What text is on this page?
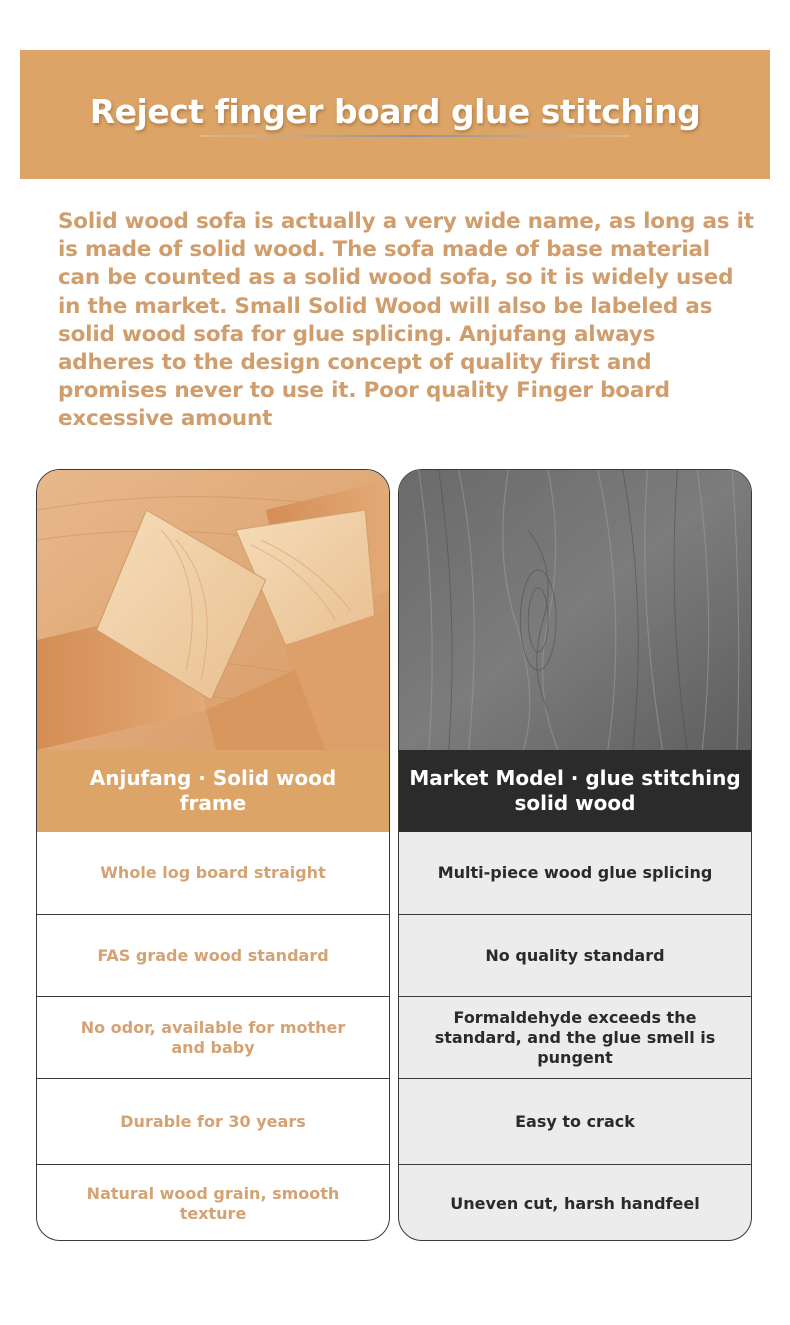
Reject finger board glue stitching

Solid wood sofa is actually a very wide name, as long as it is made of solid wood. The sofa made of base material can be counted as a solid wood sofa, so it is widely used in the market. Small Solid Wood will also be labeled as solid wood sofa for glue splicing. Anjufang always adheres to the design concept of quality first and promises never to use it. Poor quality Finger board excessive amount

Anjufang · Solid wood
frame
Whole log board straight
FAS grade wood standard
No odor, available for mother and baby
Durable for 30 years
Natural wood grain, smooth texture
Market Model · glue stitching
solid wood
Multi-piece wood glue splicing
No quality standard
Formaldehyde exceeds the standard, and the glue smell is pungent
Easy to crack
Uneven cut, harsh handfeel
